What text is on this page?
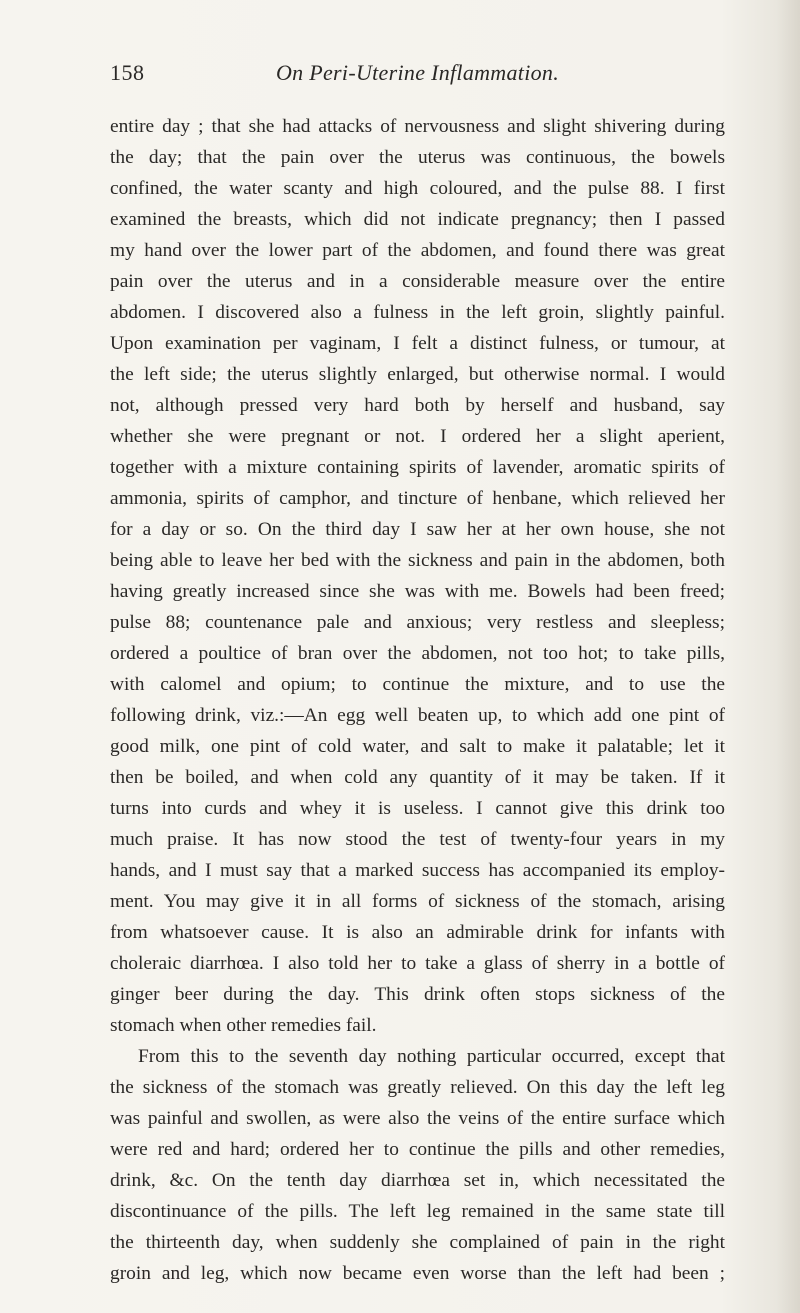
158	On Peri-Uterine Inflammation.
entire day ; that she had attacks of nervousness and slight shivering during
the day; that the pain over the uterus was continuous, the bowels
confined, the water scanty and high coloured, and the pulse 88. I first
examined the breasts, which did not indicate pregnancy; then I passed
my hand over the lower part of the abdomen, and found there was great
pain over the uterus and in a considerable measure over the entire
abdomen. I discovered also a fulness in the left groin, slightly painful.
Upon examination per vaginam, I felt a distinct fulness, or tumour, at
the left side; the uterus slightly enlarged, but otherwise normal. I would
not, although pressed very hard both by herself and husband, say
whether she were pregnant or not. I ordered her a slight aperient,
together with a mixture containing spirits of lavender, aromatic spirits of
ammonia, spirits of camphor, and tincture of henbane, which relieved her
for a day or so. On the third day I saw her at her own house, she not
being able to leave her bed with the sickness and pain in the abdomen, both
having greatly increased since she was with me. Bowels had been freed;
pulse 88; countenance pale and anxious; very restless and sleepless;
ordered a poultice of bran over the abdomen, not too hot; to take pills,
with calomel and opium; to continue the mixture, and to use the
following drink, viz.:—An egg well beaten up, to which add one pint of
good milk, one pint of cold water, and salt to make it palatable; let it
then be boiled, and when cold any quantity of it may be taken. If it
turns into curds and whey it is useless. I cannot give this drink too
much praise. It has now stood the test of twenty-four years in my
hands, and I must say that a marked success has accompanied its employ-
ment. You may give it in all forms of sickness of the stomach, arising
from whatsoever cause. It is also an admirable drink for infants with
choleraic diarrhœa. I also told her to take a glass of sherry in a bottle of
ginger beer during the day. This drink often stops sickness of the
stomach when other remedies fail.
From this to the seventh day nothing particular occurred, except that
the sickness of the stomach was greatly relieved. On this day the left leg
was painful and swollen, as were also the veins of the entire surface which
were red and hard; ordered her to continue the pills and other remedies,
drink, &c. On the tenth day diarrhœa set in, which necessitated the
discontinuance of the pills. The left leg remained in the same state till
the thirteenth day, when suddenly she complained of pain in the right
groin and leg, which now became even worse than the left had been ;
